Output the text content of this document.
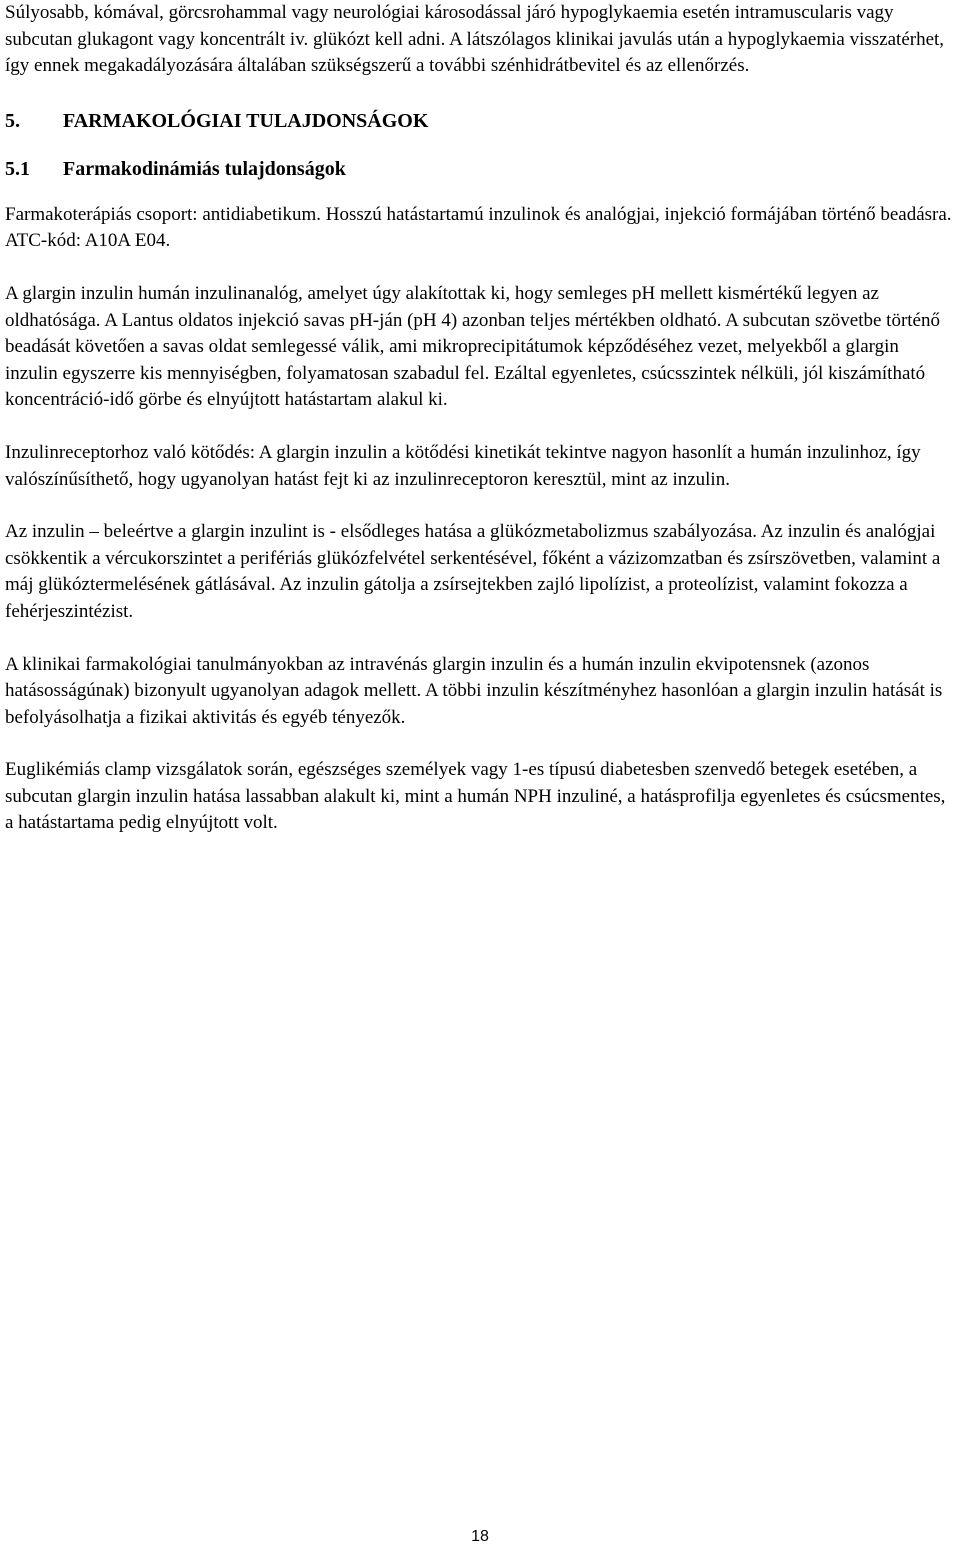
Súlyosabb, kómával, görcsrohammal vagy neurológiai károsodással járó hypoglykaemia esetén intramuscularis vagy subcutan glukagont vagy koncentrált iv. glükózt kell adni. A látszólagos klinikai javulás után a hypoglykaemia visszatérhet, így ennek megakadályozására általában szükségszerű a további szénhidrátbevitel és az ellenőrzés.

5. FARMAKOLÓGIAI TULAJDONSÁGOK
5.1 Farmakodinámiás tulajdonságok

Farmakoterápiás csoport: antidiabetikum. Hosszú hatástartamú inzulinok és analógjai, injekció formájában történő beadásra. ATC-kód: A10A E04.

A glargin inzulin humán inzulinanalóg, amelyet úgy alakítottak ki, hogy semleges pH mellett kismértékű legyen az oldhatósága. A Lantus oldatos injekció savas pH-ján (pH 4) azonban teljes mértékben oldható. A subcutan szövetbe történő beadását követően a savas oldat semlegessé válik, ami mikroprecipitátumok képződéséhez vezet, melyekből a glargin inzulin egyszerre kis mennyiségben, folyamatosan szabadul fel. Ezáltal egyenletes, csúcsszintek nélküli, jól kiszámítható koncentráció-idő görbe és elnyújtott hatástartam alakul ki.

Inzulinreceptorhoz való kötődés: A glargin inzulin a kötődési kinetikát tekintve nagyon hasonlít a humán inzulinhoz, így valószínűsíthető, hogy ugyanolyan hatást fejt ki az inzulinreceptoron keresztül, mint az inzulin.

Az inzulin – beleértve a glargin inzulint is - elsődleges hatása a glükózmetabolizmus szabályozása. Az inzulin és analógjai csökkentik a vércukorszintet a perifériás glükózfelvétel serkentésével, főként a vázizomzatban és zsírszövetben, valamint a máj glükóztermelésének gátlásával. Az inzulin gátolja a zsírsejtekben zajló lipolízist, a proteolízist, valamint fokozza a fehérjeszintézist.

A klinikai farmakológiai tanulmányokban az intravénás glargin inzulin és a humán inzulin ekvipotensnek (azonos hatásosságúnak) bizonyult ugyanolyan adagok mellett. A többi inzulin készítményhez hasonlóan a glargin inzulin hatását is befolyásolhatja a fizikai aktivitás és egyéb tényezők.

Euglikémiás clamp vizsgálatok során, egészséges személyek vagy 1-es típusú diabetesben szenvedő betegek esetében, a subcutan glargin inzulin hatása lassabban alakult ki, mint a humán NPH inzuliné, a hatásprofilja egyenletes és csúcsmentes, a hatástartama pedig elnyújtott volt.

18
